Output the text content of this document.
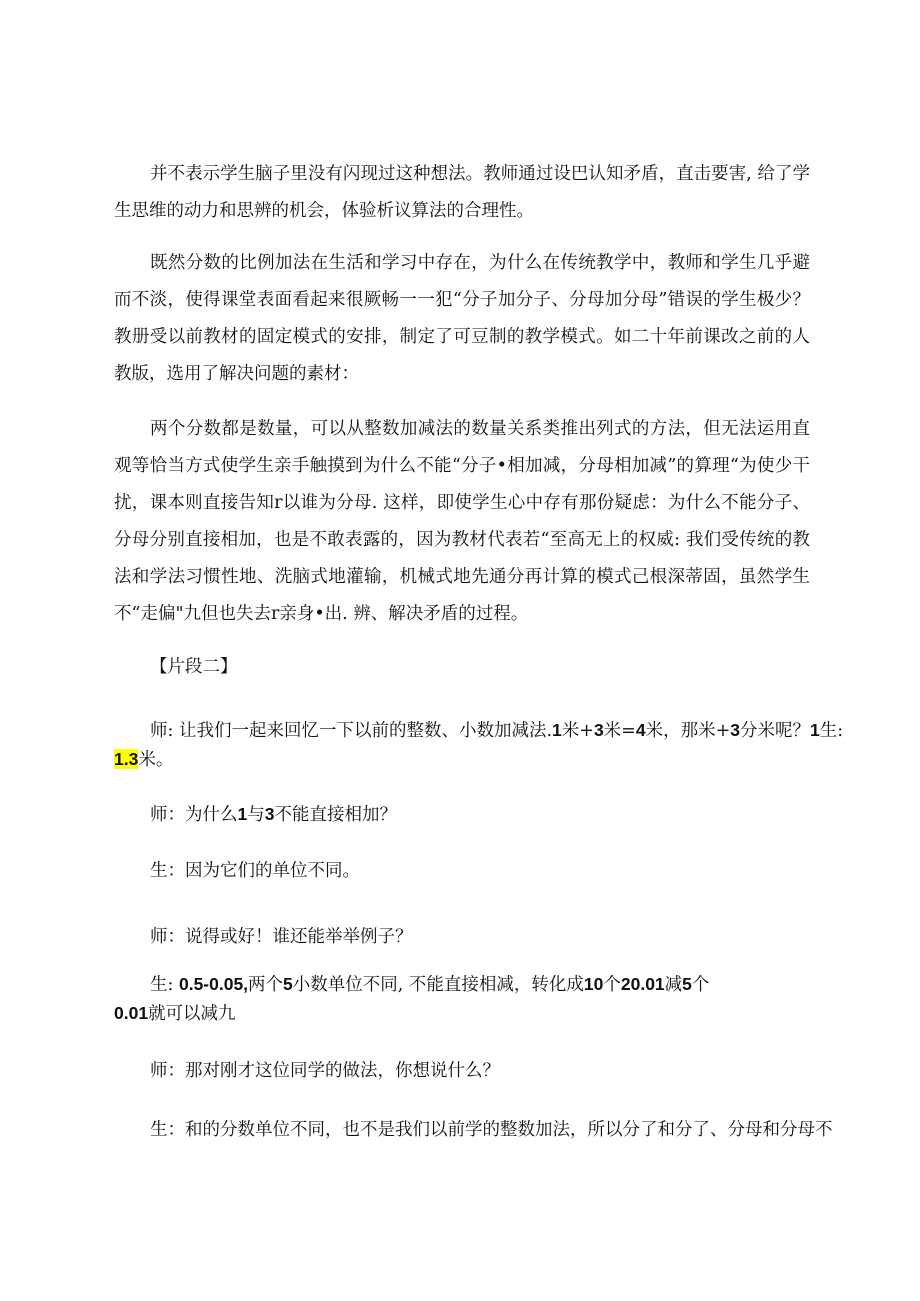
并不表示学生脑子里没有闪现过这种想法。教师通过设巴认知矛盾，直击要害, 给了学生思维的动力和思辨的机会，体验析议算法的合理性。

既然分数的比例加法在生活和学习中存在，为什么在传统教学中，教师和学生几乎避而不淡，使得课堂表面看起来很厥畅一一犯“分子加分子、分母加分母”错误的学生极少？教册受以前教材的固定模式的安排，制定了可豆制的教学模式。如二十年前课改之前的人教版，选用了解决问题的素材：

两个分数都是数量，可以从整数加减法的数量关系类推出列式的方法，但无法运用直观等恰当方式使学生亲手触摸到为什么不能“分子•相加减，分母相加减”的算理“为使少干扰，课本则直接告知r以谁为分母. 这样，即使学生心中存有那份疑虑：为什么不能分子、分母分别直接相加，也是不敢表露的，因为教材代表若“至高无上的权威: 我们受传统的教法和学法习惯性地、洗脑式地灌输，机械式地先通分再计算的模式己根深蒂固，虽然学生不“走偏"九但也失去r亲身•出. 辨、解决矛盾的过程。

【片段二】
师: 让我们一起来回忆一下以前的整数、小数加减法.1米+3米=4米，那米+3分米呢？1生:
1.3米。
师：为什么1与3不能直接相加？
生：因为它们的单位不同。
师：说得或好！谁还能举举例子？
生: 0.5-0.05,两个5小数单位不同, 不能直接相减，转化成10个20.01减5个
0.01就可以减九
师：那对刚才这位同学的做法，你想说什么？
生：和的分数单位不同，也不是我们以前学的整数加法，所以分了和分了、分母和分母不
